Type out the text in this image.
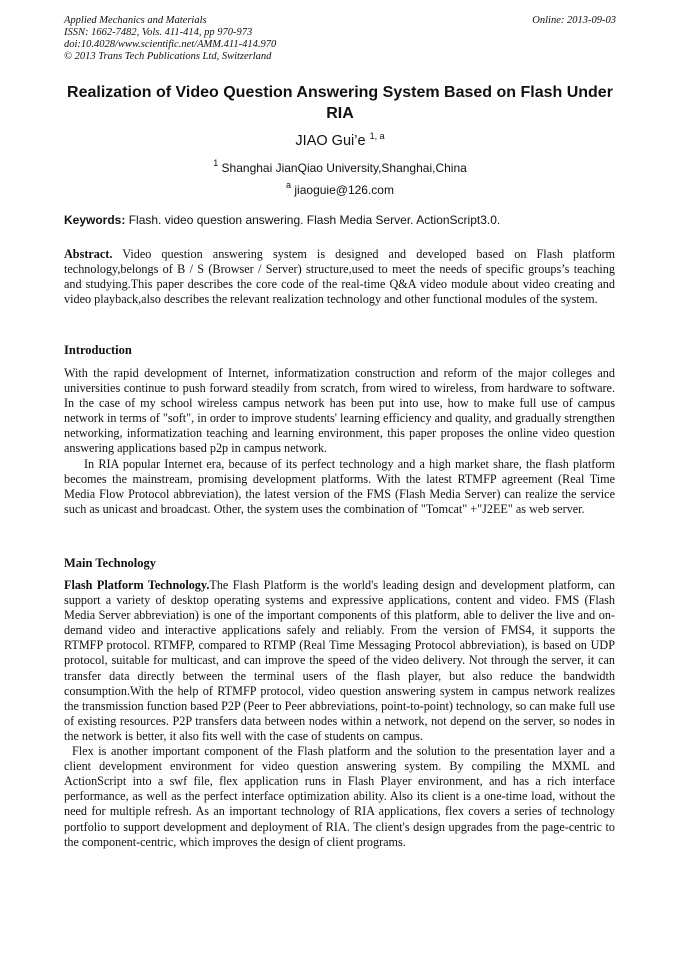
Applied Mechanics and Materials
ISSN: 1662-7482, Vols. 411-414, pp 970-973
doi:10.4028/www.scientific.net/AMM.411-414.970
© 2013 Trans Tech Publications Ltd, Switzerland
Online: 2013-09-03
Realization of Video Question Answering System Based on Flash Under RIA
JIAO Gui’e $^{1, a}$
$^1$ Shanghai JianQiao University,Shanghai,China
$^a$ jiaoguie@126.com
Keywords: Flash. video question answering. Flash Media Server. ActionScript3.0.

Abstract. Video question answering system is designed and developed based on Flash platform technology,belongs of B / S (Browser / Server) structure,used to meet the needs of specific groups’s teaching and studying.This paper describes the core code of the real-time Q&A video module about video creating and video playback,also describes the relevant realization technology and other functional modules of the system.

Introduction

With the rapid development of Internet, informatization construction and reform of the major colleges and universities continue to push forward steadily from scratch, from wired to wireless, from hardware to software. In the case of my school wireless campus network has been put into use, how to make full use of campus network in terms of "soft", in order to improve students' learning efficiency and quality, and gradually strengthen networking, informatization teaching and learning environment, this paper proposes the online video question answering applications based p2p in campus network.

In RIA popular Internet era, because of its perfect technology and a high market share, the flash platform becomes the mainstream, promising development platforms. With the latest RTMFP agreement (Real Time Media Flow Protocol abbreviation), the latest version of the FMS (Flash Media Server) can realize the service such as unicast and broadcast. Other, the system uses the combination of "Tomcat" +"J2EE" as web server.

Main Technology

Flash Platform Technology.The Flash Platform is the world's leading design and development platform, can support a variety of desktop operating systems and expressive applications, content and video. FMS (Flash Media Server abbreviation) is one of the important components of this platform, able to deliver the live and on-demand video and interactive applications safely and reliably. From the version of FMS4, it supports the RTMFP protocol. RTMFP, compared to RTMP (Real Time Messaging Protocol abbreviation), is based on UDP protocol, suitable for multicast, and can improve the speed of the video delivery. Not through the server, it can transfer data directly between the terminal users of the flash player, but also reduce the bandwidth consumption.With the help of RTMFP protocol, video question answering system in campus network realizes the transmission function based P2P (Peer to Peer abbreviations, point-to-point) technology, so can make full use of existing resources. P2P transfers data between nodes within a network, not depend on the server, so nodes in the network is better, it also fits well with the case of students on campus.

Flex is another important component of the Flash platform and the solution to the presentation layer and a client development environment for video question answering system. By compiling the MXML and ActionScript into a swf file, flex application runs in Flash Player environment, and has a rich interface performance, as well as the perfect interface optimization ability. Also its client is a one-time load, without the need for multiple refresh. As an important technology of RIA applications, flex covers a series of technology portfolio to support development and deployment of RIA. The client's design upgrades from the page-centric to the component-centric, which improves the design of client programs.
